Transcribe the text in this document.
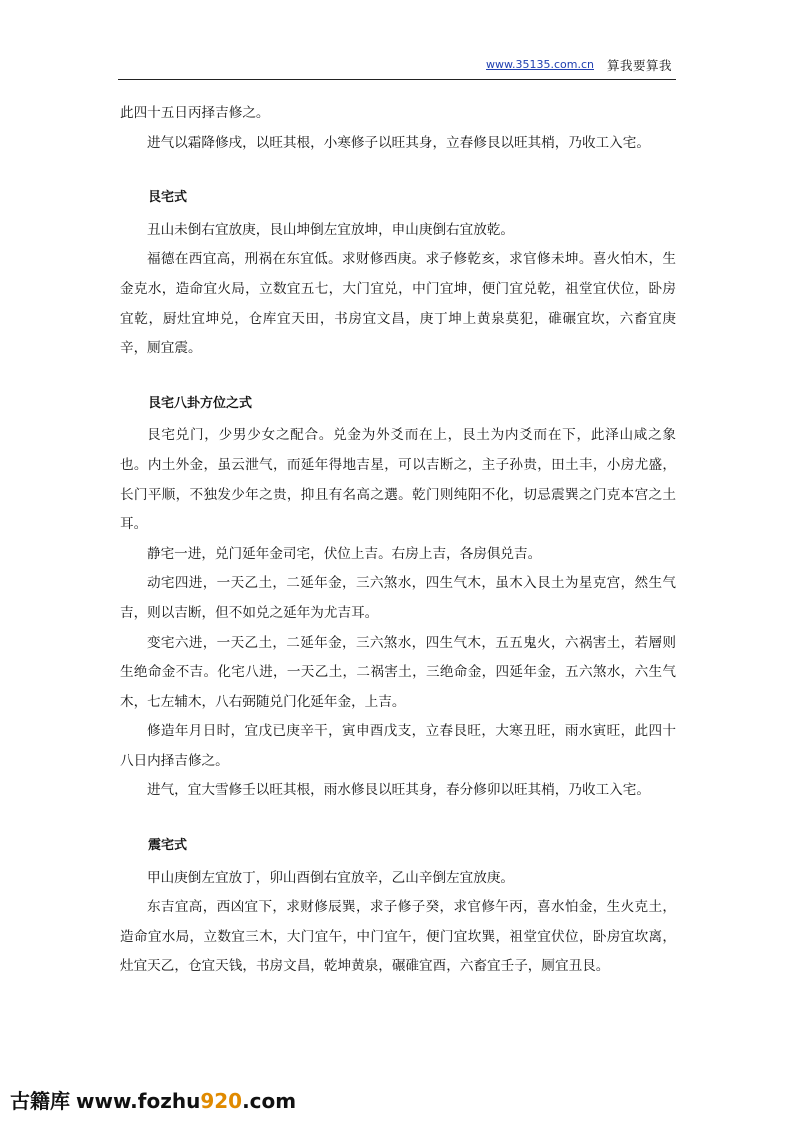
www.35135.com.cn 算我要算我

此四十五日丙择吉修之。

进气以霜降修戌，以旺其根，小寒修子以旺其身，立春修艮以旺其梢，乃收工入宅。

艮宅式

丑山未倒右宜放庚，艮山坤倒左宜放坤，申山庚倒右宜放乾。

福德在西宜高，刑祸在东宜低。求财修西庚。求子修乾亥，求官修未坤。喜火怕木，生金克水，造命宜火局，立数宜五七，大门宜兑，中门宜坤，便门宜兑乾，祖堂宜伏位，卧房宜乾，厨灶宜坤兑，仓库宜天田，书房宜文昌，庚丁坤上黄泉莫犯，碓碾宜坎，六畜宜庚辛，厕宜震。

艮宅八卦方位之式

艮宅兑门，少男少女之配合。兑金为外爻而在上，艮土为内爻而在下，此泽山咸之象也。内土外金，虽云泄气，而延年得地吉星，可以吉断之，主子孙贵，田土丰，小房尤盛，长门平顺，不独发少年之贵，抑且有名高之選。乾门则纯阳不化，切忌震巽之门克本宫之土耳。

静宅一进，兑门延年金司宅，伏位上吉。右房上吉，各房俱兑吉。

动宅四进，一天乙土，二延年金，三六煞水，四生气木，虽木入艮土为星克宫，然生气吉，则以吉断，但不如兑之延年为尤吉耳。

变宅六进，一天乙土，二延年金，三六煞水，四生气木，五五鬼火，六祸害土，若層则生绝命金不吉。化宅八进，一天乙土，二祸害土，三绝命金，四延年金，五六煞水，六生气木，七左辅木，八右弼随兑门化延年金，上吉。

修造年月日时，宜戊已庚辛干，寅申酉戊支，立春艮旺，大寒丑旺，雨水寅旺，此四十八日内择吉修之。

进气，宜大雪修壬以旺其根，雨水修艮以旺其身，春分修卯以旺其梢，乃收工入宅。

震宅式

甲山庚倒左宜放丁，卯山酉倒右宜放辛，乙山辛倒左宜放庚。

东吉宜高，西凶宜下，求财修辰巽，求子修子癸，求官修午丙，喜水怕金，生火克土，造命宜水局，立数宜三木，大门宜午，中门宜午，便门宜坎巽，祖堂宜伏位，卧房宜坎离，灶宜天乙，仓宜天钱，书房文昌，乾坤黄泉，碾碓宜酉，六畜宜壬子，厕宜丑艮。

古籍库 www.fozhu920.com
